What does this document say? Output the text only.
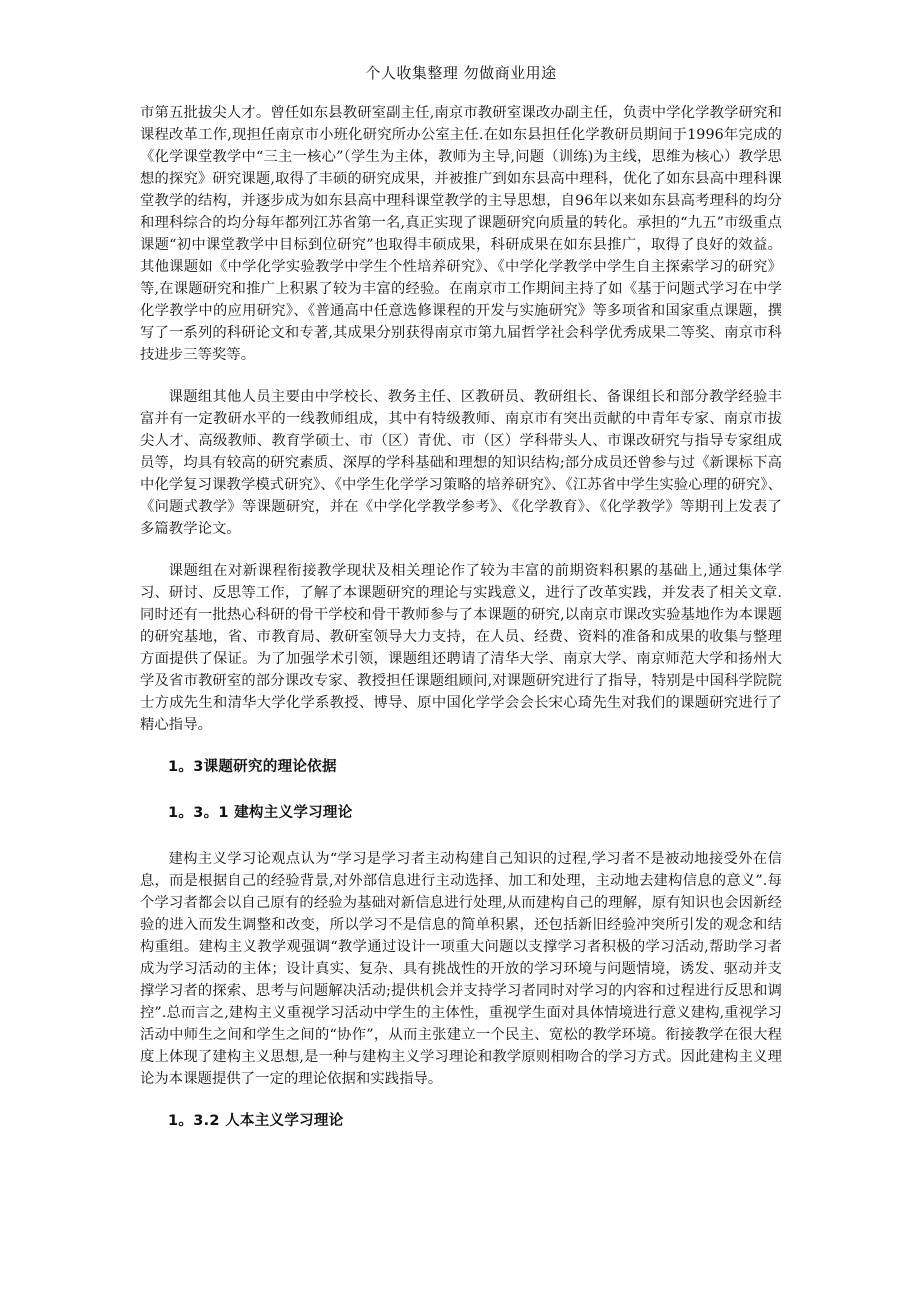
个人收集整理 勿做商业用途

市第五批拔尖人才。曾任如东县教研室副主任,南京市教研室课改办副主任，负责中学化学教学研究和课程改革工作,现担任南京市小班化研究所办公室主任.在如东县担任化学教研员期间于1996年完成的《化学课堂教学中“三主一核心”（学生为主体，教师为主导,问题（训练)为主线，思维为核心）教学思想的探究》研究课题,取得了丰硕的研究成果，并被推广到如东县高中理科，优化了如东县高中理科课堂教学的结构，并逐步成为如东县高中理科课堂教学的主导思想，自96年以来如东县高考理科的均分和理科综合的均分每年都列江苏省第一名,真正实现了课题研究向质量的转化。承担的“九五”市级重点课题“初中课堂教学中目标到位研究”也取得丰硕成果，科研成果在如东县推广，取得了良好的效益。其他课题如《中学化学实验教学中学生个性培养研究》、《中学化学教学中学生自主探索学习的研究》等,在课题研究和推广上积累了较为丰富的经验。在南京市工作期间主持了如《基于问题式学习在中学化学教学中的应用研究》、《普通高中任意选修课程的开发与实施研究》等多项省和国家重点课题，撰写了一系列的科研论文和专著,其成果分别获得南京市第九届哲学社会科学优秀成果二等奖、南京市科技进步三等奖等。

课题组其他人员主要由中学校长、教务主任、区教研员、教研组长、备课组长和部分教学经验丰富并有一定教研水平的一线教师组成，其中有特级教师、南京市有突出贡献的中青年专家、南京市拔尖人才、高级教师、教育学硕士、市（区）青优、市（区）学科带头人、市课改研究与指导专家组成员等，均具有较高的研究素质、深厚的学科基础和理想的知识结构;部分成员还曾参与过《新课标下高中化学复习课教学模式研究》、《中学生化学学习策略的培养研究》、《江苏省中学生实验心理的研究》、《问题式教学》等课题研究，并在《中学化学教学参考》、《化学教育》、《化学教学》等期刊上发表了多篇教学论文。

课题组在对新课程衔接教学现状及相关理论作了较为丰富的前期资料积累的基础上,通过集体学习、研讨、反思等工作，了解了本课题研究的理论与实践意义，进行了改革实践，并发表了相关文章.同时还有一批热心科研的骨干学校和骨干教师参与了本课题的研究,以南京市课改实验基地作为本课题的研究基地，省、市教育局、教研室领导大力支持，在人员、经费、资料的准备和成果的收集与整理方面提供了保证。为了加强学术引领，课题组还聘请了清华大学、南京大学、南京师范大学和扬州大学及省市教研室的部分课改专家、教授担任课题组顾问,对课题研究进行了指导，特别是中国科学院院士方成先生和清华大学化学系教授、博导、原中国化学学会会长宋心琦先生对我们的课题研究进行了精心指导。

1。3课题研究的理论依据
1。3。1 建构主义学习理论

建构主义学习论观点认为“学习是学习者主动构建自己知识的过程,学习者不是被动地接受外在信息，而是根据自己的经验背景,对外部信息进行主动选择、加工和处理，主动地去建构信息的意义”.每个学习者都会以自己原有的经验为基础对新信息进行处理,从而建构自己的理解，原有知识也会因新经验的进入而发生调整和改变，所以学习不是信息的简单积累，还包括新旧经验冲突所引发的观念和结构重组。建构主义教学观强调“教学通过设计一项重大问题以支撑学习者积极的学习活动,帮助学习者成为学习活动的主体；设计真实、复杂、具有挑战性的开放的学习环境与问题情境，诱发、驱动并支撑学习者的探索、思考与问题解决活动;提供机会并支持学习者同时对学习的内容和过程进行反思和调控”.总而言之,建构主义重视学习活动中学生的主体性，重视学生面对具体情境进行意义建构,重视学习活动中师生之间和学生之间的“协作”，从而主张建立一个民主、宽松的教学环境。衔接教学在很大程度上体现了建构主义思想,是一种与建构主义学习理论和教学原则相吻合的学习方式。因此建构主义理论为本课题提供了一定的理论依据和实践指导。

1。3.2 人本主义学习理论
